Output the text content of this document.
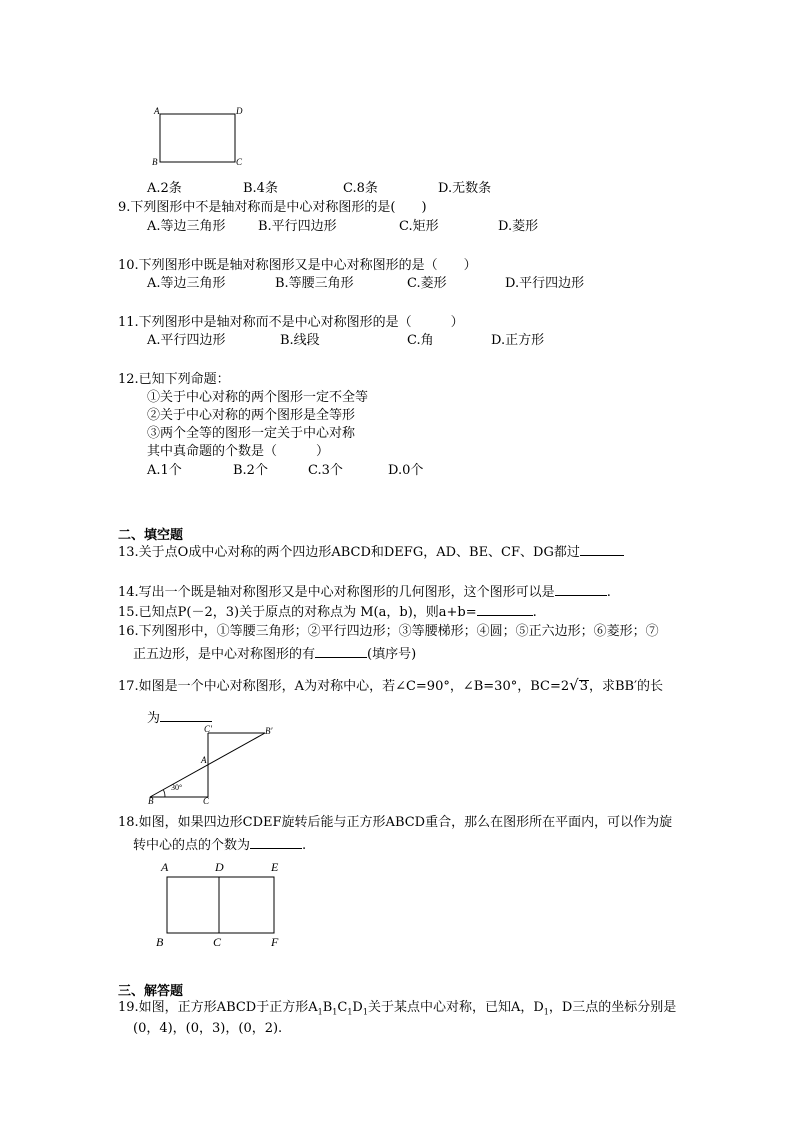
A	D
B	C
A.2条	B.4条	C.8条	D.无数条
9.下列图形中不是轴对称而是中心对称图形的是(　　)
A.等边三角形 B.平行四边形	C.矩形	D.菱形
10.下列图形中既是轴对称图形又是中心对称图形的是（　　）
A.等边三角形	B.等腰三角形	C.菱形	D.平行四边形
11.下列图形中是轴对称而不是中心对称图形的是（　　　）
A.平行四边形	B.线段	C.角	D.正方形
12.已知下列命题：
①关于中心对称的两个图形一定不全等
②关于中心对称的两个图形是全等形
③两个全等的图形一定关于中心对称
其中真命题的个数是（　　　）
A.1个	B.2个	C.3个	D.0个
二、填空题
13.关于点O成中心对称的两个四边形ABCD和DEFG，AD、BE、CF、DG都过
14.写出一个既是轴对称图形又是中心对称图形的几何图形，这个图形可以是	.
15.已知点P(－2，3)关于原点的对称点为 M(a，b)，则a+b=	.
16.下列图形中，①等腰三角形；②平行四边形；③等腰梯形；④圆；⑤正六边形；⑥菱形；⑦
正五边形，是中心对称图形的有	(填序号)
17.如图是一个中心对称图形，A为对称中心，若∠C=90°，∠B=30°，BC=2√3，求BB′的长
为
C′	B′
A
B	C
30°
18.如图，如果四边形CDEF旋转后能与正方形ABCD重合，那么在图形所在平面内，可以作为旋
转中心的点的个数为	.
A	D	E
B	C	F
三、解答题
19.如图，正方形ABCD于正方形$A_1B_1C_1D_1$关于某点中心对称，已知A，$D_1$，D三点的坐标分别是
(0，4)，(0，3)，(0，2).
